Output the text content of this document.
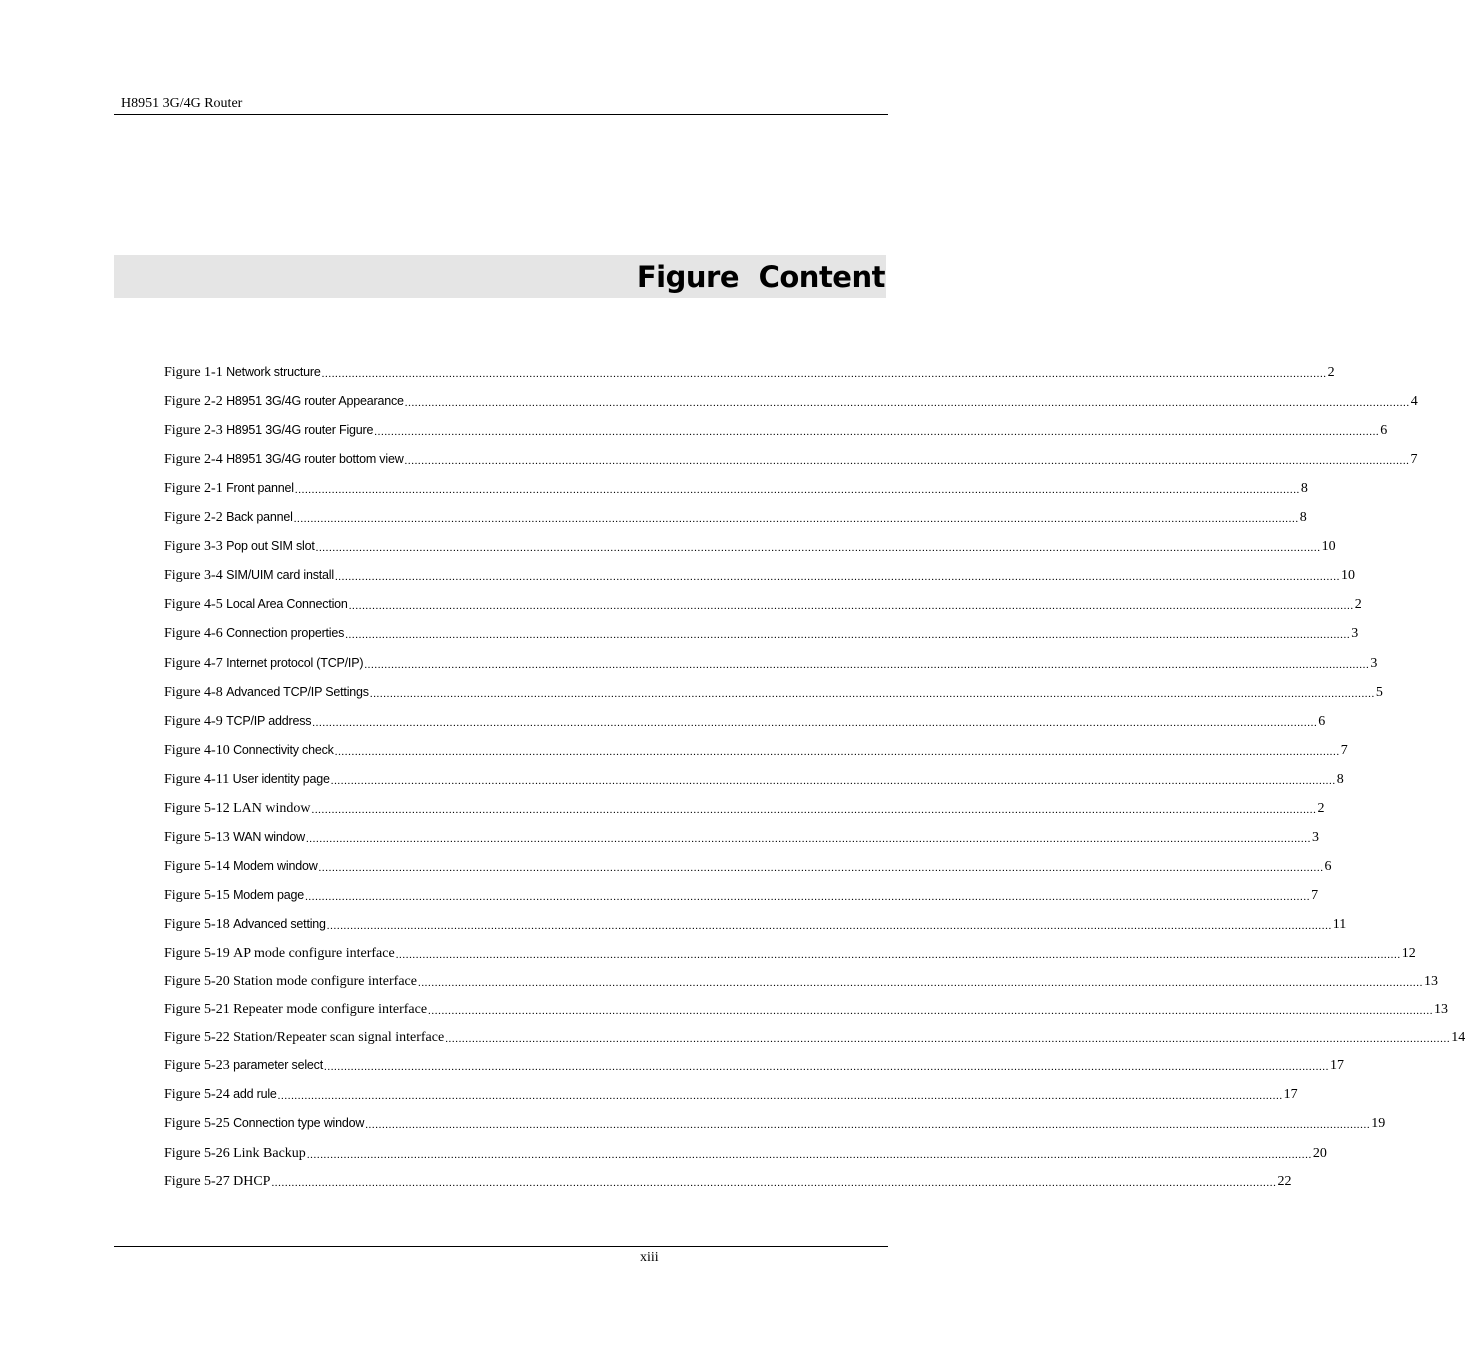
H8951 3G/4G Router
Figure Content
Figure 1-1 Network structure ............................................................................................................................................................................................................................................................................................................ 2
Figure 2-2 H8951 3G/4G router Appearance ............................................................................................................................................................................................................................................................................................................ 4
Figure 2-3 H8951 3G/4G router Figure ............................................................................................................................................................................................................................................................................................................ 6
Figure 2-4 H8951 3G/4G router bottom view ............................................................................................................................................................................................................................................................................................................ 7
Figure 2-1 Front pannel ............................................................................................................................................................................................................................................................................................................ 8
Figure 2-2 Back pannel ............................................................................................................................................................................................................................................................................................................ 8
Figure 3-3 Pop out SIM slot ............................................................................................................................................................................................................................................................................................................ 10
Figure 3-4 SIM/UIM card install ............................................................................................................................................................................................................................................................................................................ 10
Figure 4-5 Local Area Connection ............................................................................................................................................................................................................................................................................................................ 2
Figure 4-6 Connection properties ............................................................................................................................................................................................................................................................................................................ 3
Figure 4-7 Internet protocol (TCP/IP) ............................................................................................................................................................................................................................................................................................................ 3
Figure 4-8 Advanced TCP/IP Settings ............................................................................................................................................................................................................................................................................................................ 5
Figure 4-9 TCP/IP address ............................................................................................................................................................................................................................................................................................................ 6
Figure 4-10 Connectivity check ............................................................................................................................................................................................................................................................................................................ 7
Figure 4-11 User identity page ............................................................................................................................................................................................................................................................................................................ 8
Figure 5-12 LAN window ............................................................................................................................................................................................................................................................................................................ 2
Figure 5-13 WAN window ............................................................................................................................................................................................................................................................................................................ 3
Figure 5-14 Modem window ............................................................................................................................................................................................................................................................................................................ 6
Figure 5-15 Modem page ............................................................................................................................................................................................................................................................................................................ 7
Figure 5-18 Advanced setting ............................................................................................................................................................................................................................................................................................................ 11
Figure 5-19 AP mode configure interface ............................................................................................................................................................................................................................................................................................................ 12
Figure 5-20 Station mode configure interface ............................................................................................................................................................................................................................................................................................................ 13
Figure 5-21 Repeater mode configure interface ............................................................................................................................................................................................................................................................................................................ 13
Figure 5-22 Station/Repeater scan signal interface ............................................................................................................................................................................................................................................................................................................ 14
Figure 5-23 parameter select ............................................................................................................................................................................................................................................................................................................ 17
Figure 5-24 add rule ............................................................................................................................................................................................................................................................................................................ 17
Figure 5-25 Connection type window ............................................................................................................................................................................................................................................................................................................ 19
Figure 5-26 Link Backup ............................................................................................................................................................................................................................................................................................................ 20
Figure 5-27 DHCP ............................................................................................................................................................................................................................................................................................................ 22
xiii
